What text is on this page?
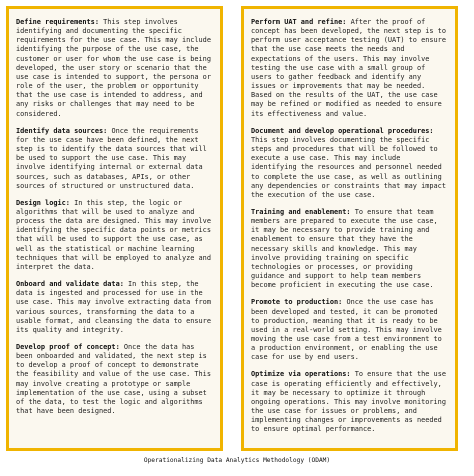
Define requirements: This step involves identifying and documenting the specific requirements for the use case. This may include identifying the purpose of the use case, the customer or user for whom the use case is being developed, the user story or scenario that the use case is intended to support, the persona or role of the user, the problem or opportunity that the use case is intended to address, and any risks or challenges that may need to be considered.
Identify data sources: Once the requirements for the use case have been defined, the next step is to identify the data sources that will be used to support the use case. This may involve identifying internal or external data sources, such as databases, APIs, or other sources of structured or unstructured data.
Design logic: In this step, the logic or algorithms that will be used to analyze and process the data are designed. This may involve identifying the specific data points or metrics that will be used to support the use case, as well as the statistical or machine learning techniques that will be employed to analyze and interpret the data.
Onboard and validate data: In this step, the data is ingested and processed for use in the use case. This may involve extracting data from various sources, transforming the data to a usable format, and cleansing the data to ensure its quality and integrity.
Develop proof of concept: Once the data has been onboarded and validated, the next step is to develop a proof of concept to demonstrate the feasibility and value of the use case. This may involve creating a prototype or sample implementation of the use case, using a subset of the data, to test the logic and algorithms that have been designed.
Perform UAT and refine: After the proof of concept has been developed, the next step is to perform user acceptance testing (UAT) to ensure that the use case meets the needs and expectations of the users. This may involve testing the use case with a small group of users to gather feedback and identify any issues or improvements that may be needed. Based on the results of the UAT, the use case may be refined or modified as needed to ensure its effectiveness and value.
Document and develop operational procedures: This step involves documenting the specific steps and procedures that will be followed to execute a use case. This may include identifying the resources and personnel needed to complete the use case, as well as outlining any dependencies or constraints that may impact the execution of the use case.
Training and enablement: To ensure that team members are prepared to execute the use case, it may be necessary to provide training and enablement to ensure that they have the necessary skills and knowledge. This may involve providing training on specific technologies or processes, or providing guidance and support to help team members become proficient in executing the use case.
Promote to production: Once the use case has been developed and tested, it can be promoted to production, meaning that it is ready to be used in a real-world setting. This may involve moving the use case from a test environment to a production environment, or enabling the use case for use by end users.
Optimize via operations: To ensure that the use case is operating efficiently and effectively, it may be necessary to optimize it through ongoing operations. This may involve monitoring the use case for issues or problems, and implementing changes or improvements as needed to ensure optimal performance.
Operationalizing Data Analytics Methodology (ODAM)
